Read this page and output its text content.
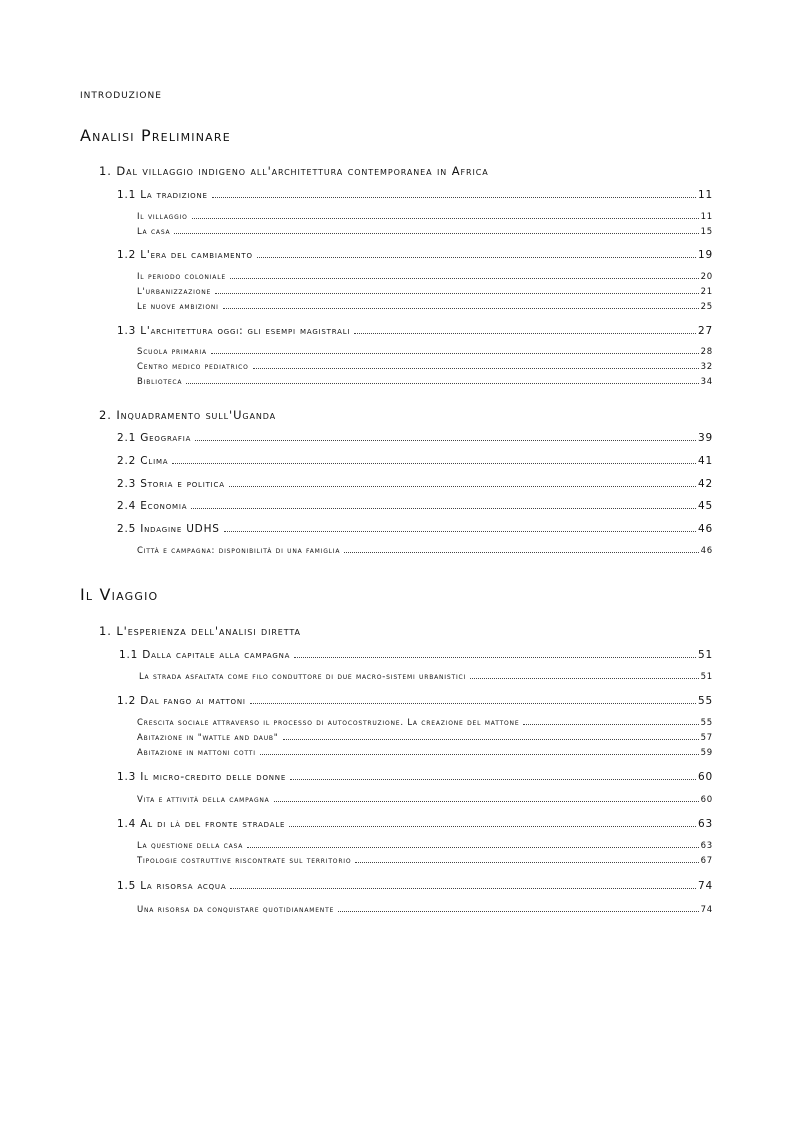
introduzione
Analisi Preliminare
1. Dal villaggio indigeno all'architettura contemporanea in Africa
1.1 La tradizione	11
Il villaggio	11
La casa	15
1.2 L'era del cambiamento	19
Il periodo coloniale	20
L'urbanizzazione	21
Le nuove ambizioni	25
1.3 L'architettura oggi: gli esempi magistrali	27
Scuola primaria	28
Centro medico pediatrico	32
Biblioteca	34
2. Inquadramento sull'Uganda
2.1 Geografia	39
2.2 Clima	41
2.3 Storia e politica	42
2.4 Economia	45
2.5 Indagine UDHS	46
Città e campagna: disponibilità di una famiglia	46
Il Viaggio
1. L'esperienza dell'analisi diretta
1.1 Dalla capitale alla campagna	51
La strada asfaltata come filo conduttore di due macro-sistemi urbanistici	51
1.2 Dal fango ai mattoni	55
Crescita sociale attraverso il processo di autocostruzione. La creazione del mattone	55
Abitazione in "wattle and daub"	57
Abitazione in mattoni cotti	59
1.3 Il micro-credito delle donne	60
Vita e attività della campagna	60
1.4 Al di là del fronte stradale	63
La questione della casa	63
Tipologie costruttive riscontrate sul territorio	67
1.5 La risorsa acqua	74
Una risorsa da conquistare quotidianamente	74
